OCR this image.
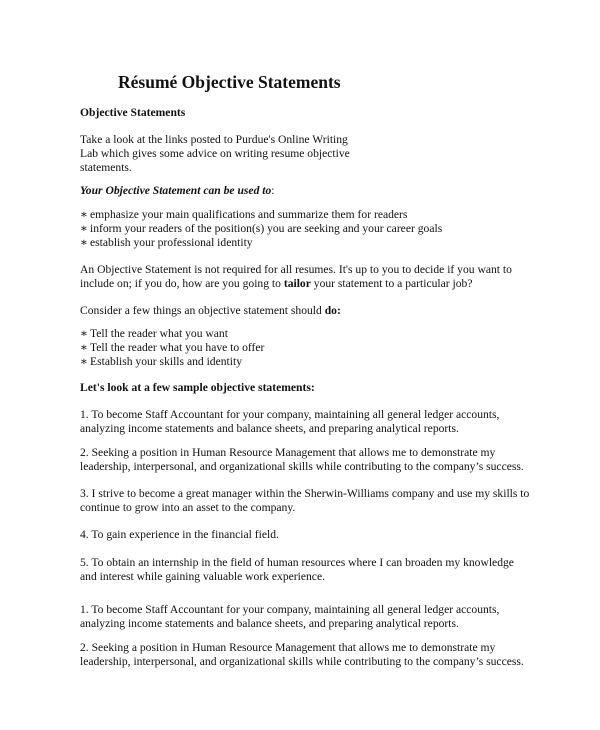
Résumé Objective Statements

Objective Statements

Take a look at the links posted to Purdue's Online Writing
Lab which gives some advice on writing resume objective
statements.

Your Objective Statement can be used to:

∗ emphasize your main qualifications and summarize them for readers
∗ inform your readers of the position(s) you are seeking and your career goals
∗ establish your professional identity
An Objective Statement is not required for all resumes. It's up to you to decide if you want to
include on; if you do, how are you going to tailor your statement to a particular job?

Consider a few things an objective statement should do:

∗ Tell the reader what you want
∗ Tell the reader what you have to offer
∗ Establish your skills and identity

Let's look at a few sample objective statements:

1. To become Staff Accountant for your company, maintaining all general ledger accounts,
analyzing income statements and balance sheets, and preparing analytical reports.
2. Seeking a position in Human Resource Management that allows me to demonstrate my
leadership, interpersonal, and organizational skills while contributing to the company’s success.
3. I strive to become a great manager within the Sherwin-Williams company and use my skills to
continue to grow into an asset to the company.
4. To gain experience in the financial field.
5. To obtain an internship in the field of human resources where I can broaden my knowledge
and interest while gaining valuable work experience.
1. To become Staff Accountant for your company, maintaining all general ledger accounts,
analyzing income statements and balance sheets, and preparing analytical reports.
2. Seeking a position in Human Resource Management that allows me to demonstrate my
leadership, interpersonal, and organizational skills while contributing to the company’s success.
